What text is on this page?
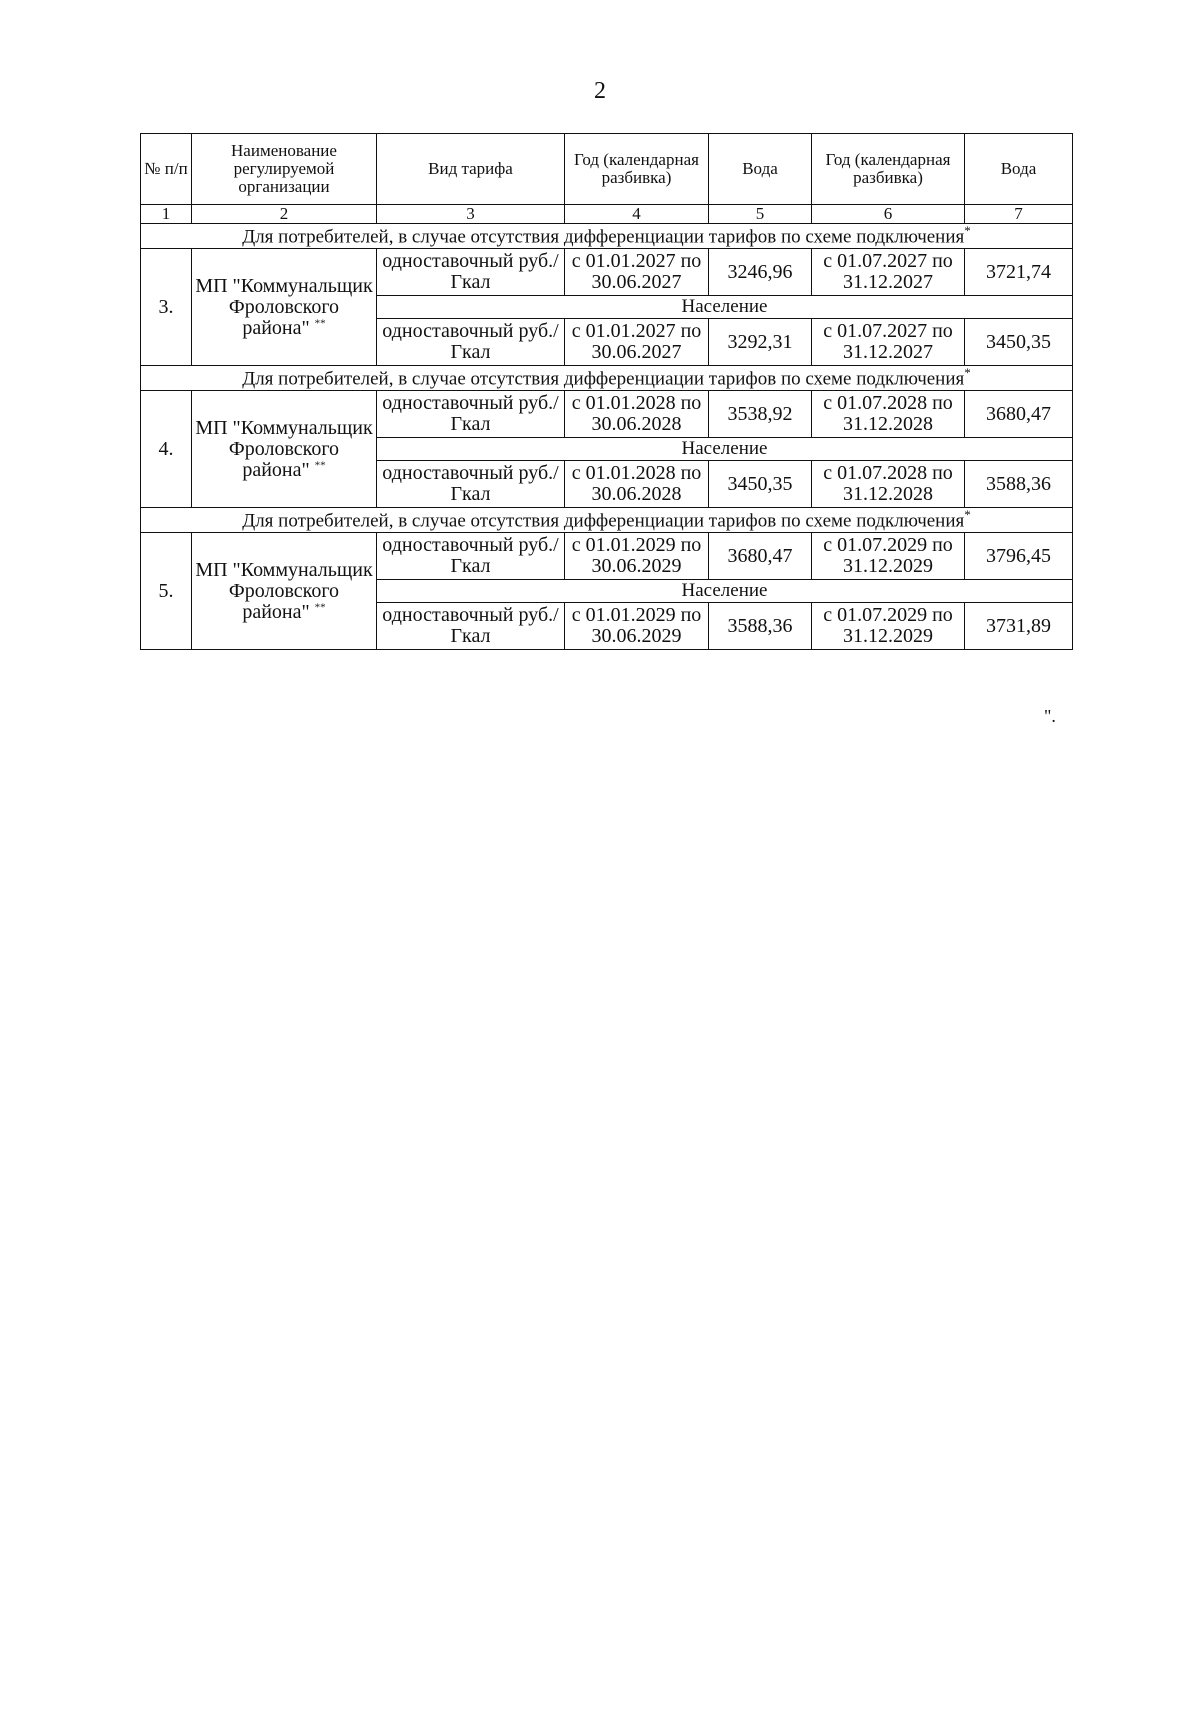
2
№ п/п	Наименование регулируемой организации	Вид тарифа	Год (календарная разбивка)	Вода	Год (календарная разбивка)	Вода
1	2	3	4	5	6	7
Для потребителей, в случае отсутствия дифференциации тарифов по схеме подключения*
3.	МП "Коммунальщик Фроловского района" **	одноставочный руб./Гкал	с 01.01.2027 по 30.06.2027	3246,96	с 01.07.2027 по 31.12.2027	3721,74
		Население				
		одноставочный руб./Гкал	с 01.01.2027 по 30.06.2027	3292,31	с 01.07.2027 по 31.12.2027	3450,35
Для потребителей, в случае отсутствия дифференциации тарифов по схеме подключения*
4.	МП "Коммунальщик Фроловского района" **	одноставочный руб./Гкал	с 01.01.2028 по 30.06.2028	3538,92	с 01.07.2028 по 31.12.2028	3680,47
		Население				
		одноставочный руб./Гкал	с 01.01.2028 по 30.06.2028	3450,35	с 01.07.2028 по 31.12.2028	3588,36
Для потребителей, в случае отсутствия дифференциации тарифов по схеме подключения*
5.	МП "Коммунальщик Фроловского района" **	одноставочный руб./Гкал	с 01.01.2029 по 30.06.2029	3680,47	с 01.07.2029 по 31.12.2029	3796,45
		Население				
		одноставочный руб./Гкал	с 01.01.2029 по 30.06.2029	3588,36	с 01.07.2029 по 31.12.2029	3731,89
".
